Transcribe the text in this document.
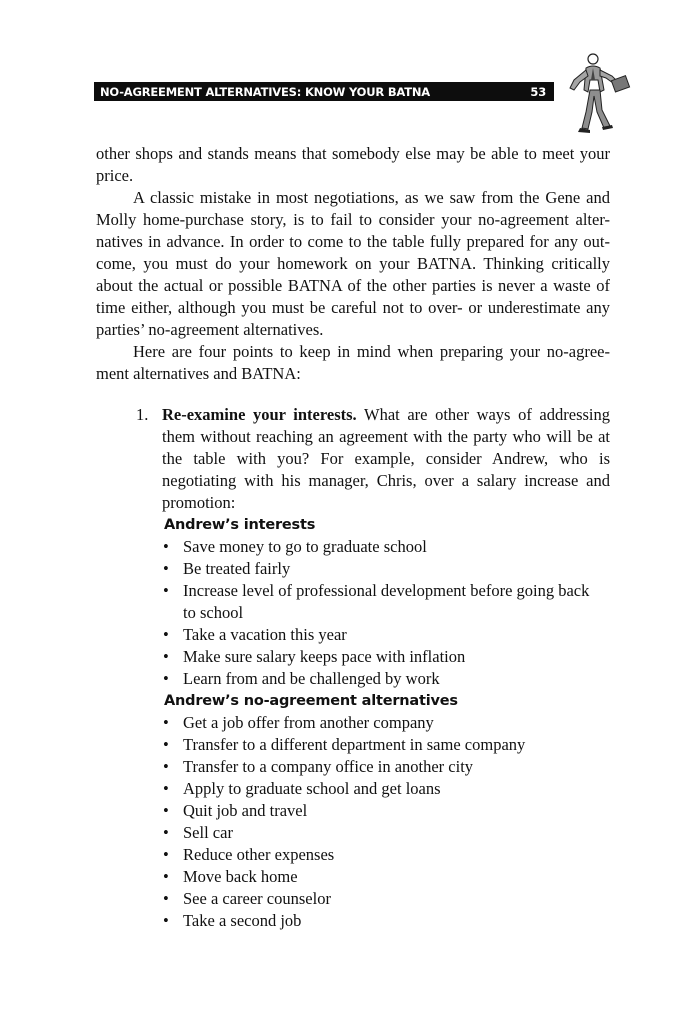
NO-AGREEMENT ALTERNATIVES: KNOW YOUR BATNA	53

other shops and stands means that somebody else may be able to meet your price.

A classic mistake in most negotiations, as we saw from the Gene and Molly home-purchase story, is to fail to consider your no-agreement alter-natives in advance. In order to come to the table fully prepared for any out-come, you must do your homework on your BATNA. Thinking critically about the actual or possible BATNA of the other parties is never a waste of time either, although you must be careful not to over- or underestimate any parties’ no-agreement alternatives.

Here are four points to keep in mind when preparing your no-agree-ment alternatives and BATNA:

1. Re-examine your interests. What are other ways of addressing them without reaching an agreement with the party who will be at the table with you? For example, consider Andrew, who is negotiating with his manager, Chris, over a salary increase and promotion:
Andrew’s interests
• Save money to go to graduate school
• Be treated fairly
• Increase level of professional development before going back to school
• Take a vacation this year
• Make sure salary keeps pace with inflation
• Learn from and be challenged by work
Andrew’s no-agreement alternatives
• Get a job offer from another company
• Transfer to a different department in same company
• Transfer to a company office in another city
• Apply to graduate school and get loans
• Quit job and travel
• Sell car
• Reduce other expenses
• Move back home
• See a career counselor
• Take a second job
